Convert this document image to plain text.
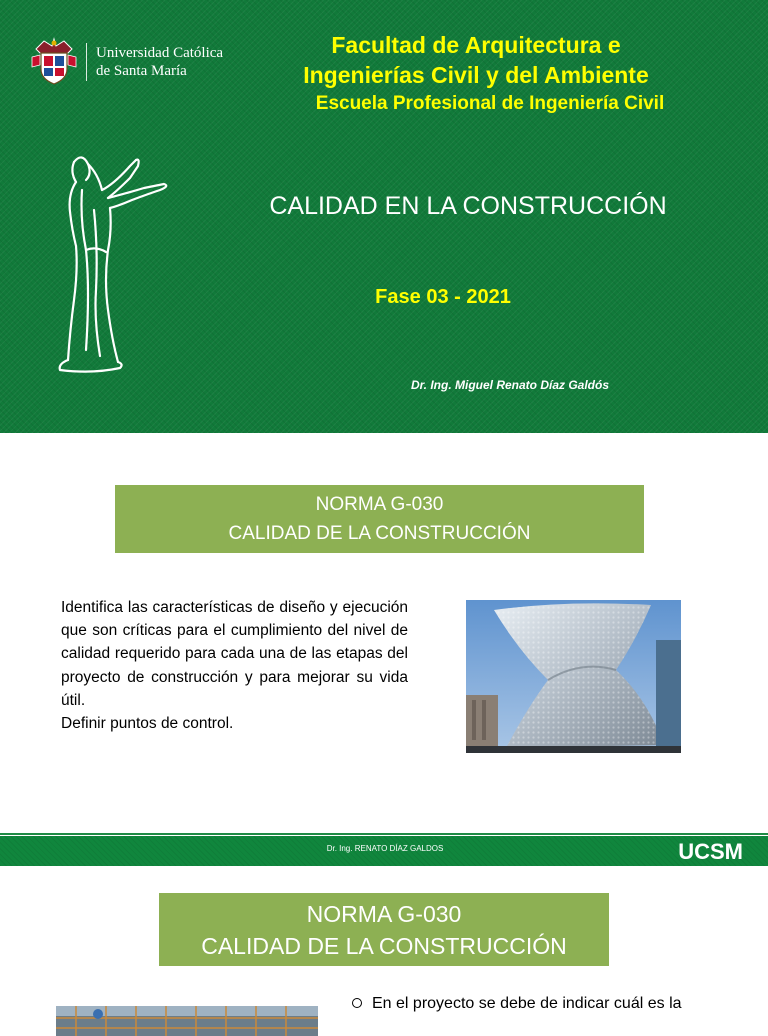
Universidad Católica
de Santa María
Facultad de Arquitectura e
Ingenierías Civil y del Ambiente
Escuela Profesional de Ingeniería Civil
CALIDAD EN LA CONSTRUCCIÓN
Fase 03 - 2021
Dr. Ing. Miguel Renato Díaz Galdós
NORMA G-030
CALIDAD DE LA CONSTRUCCIÓN

Identifica las características de diseño y ejecución que son críticas para el cumplimiento del nivel de calidad requerido para cada una de las etapas del proyecto de construcción y para mejorar su vida útil.

Definir puntos de control.

Dr. Ing. RENATO DÍAZ GALDOS	UCSM
NORMA G-030
CALIDAD DE LA CONSTRUCCIÓN
En el proyecto se debe de indicar cuál es la
